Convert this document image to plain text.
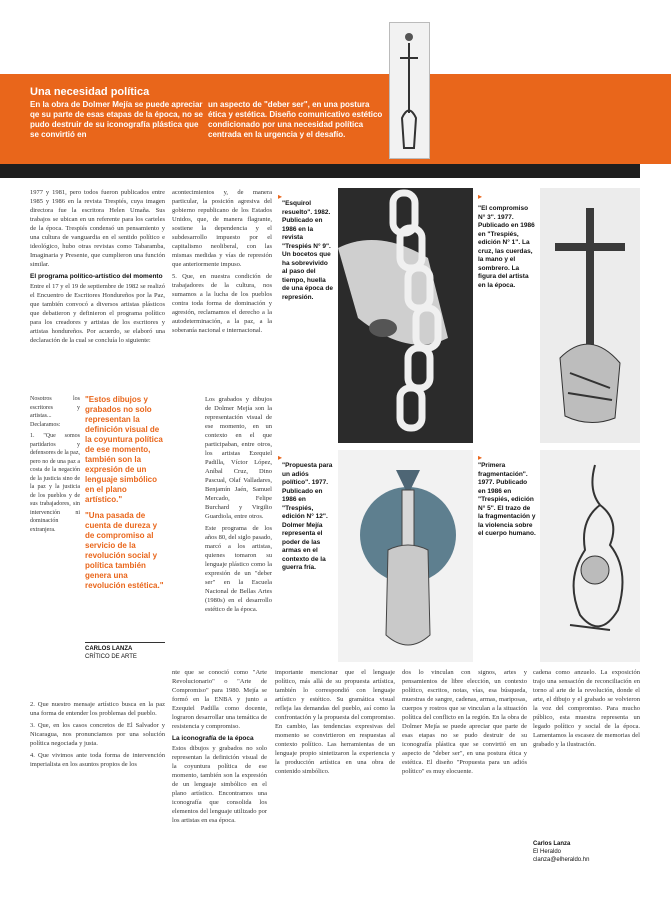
Una necesidad política
En la obra de Dolmer Mejía se puede apreciar qe su parte de esas etapas de la época, no se pudo destruir de su iconografía plástica que se convirtió en
un aspecto de "deber ser", en una postura ética y estética. Diseño comunicativo estético condicionado por una necesidad política centrada en la urgencia y el desafío.

1977 y 1981, pero todos fueron publicados entre 1985 y 1986 en la revista Trespiés, cuya imagen directora fue la escritora Helen Umaña. Sus trabajos se ubican en un referente para los carteles de la época. Trespiés condensó un pensamiento y una cultura de vanguardia en el sentido político e ideológico, hubo otras revistas como Tabaramba, Imaginaria y Presente, que cumplieron una función similar.

El programa político-artístico del momento

Entre el 17 y el 19 de septiembre de 1982 se realizó el Encuentro de Escritores Hondureños por la Paz, que también convocó a diversos artistas plásticos que debatieron y definieron el programa político para los creadores y artistas de los escritores y artistas hondureños. Por acuerdo, se elaboró una declaración de la cual se concluía lo siguiente:

Nosotros los escritores y artistas... Declaramos:

1. "Que somos partidarios y defensores de la paz, pero no de una paz a costa de la negación de la justicia sino de la paz y la justicia de los pueblos y de sus trabajadores, sin intervención ni dominación extranjera.

2. Que nuestro mensaje artístico busca en la paz una forma de entender los problemas del pueblo.

3. Que, en los casos concretos de El Salvador y Nicaragua, nos pronunciamos por una solución política negociada y justa.

4. Que vivimos ante toda forma de intervención imperialista en los asuntos propios de los

"Estos dibujos y grabados no solo representan la definición visual de la coyuntura política de ese momento, también son la expresión de un lenguaje simbólico en el plano artístico."

"Una pasada de cuenta de dureza y de compromiso al servicio de la revolución social y política también genera una revolución estética."

CARLOS LANZA
CRÍTICO DE ARTE

acontecimientos y, de manera particular, la posición agresiva del gobierno republicano de los Estados Unidos, que, de manera flagrante, sostiene la dependencia y el subdesarrollo impuesto por el capitalismo neoliberal, con las mismas medidas y vías de represión que anteriormente impuso.

5. Que, en nuestra condición de trabajadores de la cultura, nos sumamos a la lucha de los pueblos contra toda forma de dominación y agresión, reclamamos el derecho a la autodeterminación, a la paz, a la soberanía nacional e internacional.

Los grabados y dibujos de Dolmer Mejía son la representación visual de ese momento, en un contexto en el que participaban, entre otros, los artistas Ezequiel Padilla, Víctor López, Aníbal Cruz, Dino Pascual, Olaf Valladares, Benjamín Jaén, Samuel Mercado, Felipe Burchard y Virgilio Guardiola, entre otros.

Este programa de los años 80, del siglo pasado, marcó a los artistas, quienes tomaron su lenguaje plástico como la expresión de un "deber ser" en la Escuela Nacional de Bellas Artes (1980s) en el desarrollo estético de la época.

▸
"Esquirol resuelto". 1982. Publicado en 1986 en la revista "Trespiés N° 9". Un bocetos que ha sobrevivido al paso del tiempo, huella de una época de represión.
▸
"El compromiso N° 3". 1977. Publicado en 1986 en "Trespiés, edición N° 1". La cruz, las cuerdas, la mano y el sombrero. La figura del artista en la época.
▸
"Propuesta para un adiós político". 1977. Publicado en 1986 en "Trespiés, edición N° 12". Dolmer Mejía representa el poder de las armas en el contexto de la guerra fría.
▸
"Primera fragmentación". 1977. Publicado en 1986 en "Trespiés, edición N° 5". El trazo de la fragmentación y la violencia sobre el cuerpo humano.

nte que se conoció como "Arte Revolucionario" o "Arte de Compromiso" para 1980. Mejía se formó en la ENBA y junto a Ezequiel Padilla como docente, lograron desarrollar una temática de resistencia y compromiso.

La iconografía de la época

Estos dibujos y grabados no solo representan la definición visual de la coyuntura política de ese momento, también son la expresión de un lenguaje simbólico en el plano artístico. Encontramos una iconografía que consolida los elementos del lenguaje utilizado por los artistas en esa época.

importante mencionar que el lenguaje político, más allá de su propuesta artística, también lo correspondió con lenguaje artístico y estético. Su gramática visual refleja las demandas del pueblo, así como la confrontación y la propuesta del compromiso. En cambio, las tendencias expresivas del momento se convirtieron en respuestas al contexto político. Las herramientas de un lenguaje propio sintetizaron la experiencia y la producción artística en una obra de contenido simbólico.

dos lo vinculan con signos, artes y pensamientos de libre elección, un contexto político, escritos, notas, vías, esa búsqueda, muestras de sangre, cadenas, armas, mariposas, cuerpos y rostros que se vinculan a la situación política del conflicto en la región. En la obra de Dolmer Mejía se puede apreciar que parte de esas etapas no se pudo destruir de su iconografía plástica que se convirtió en un aspecto de "deber ser", en una postura ética y estética. El diseño "Propuesta para un adiós político" es muy elocuente.

cadena como anzuelo. La exposición trajo una sensación de reconciliación en torno al arte de la revolución, donde el arte, el dibujo y el grabado se volvieron la voz del compromiso. Para mucho público, esta muestra representa un legado político y social de la época. Lamentamos la escasez de memorias del grabado y la ilustración.

Carlos Lanza
El Heraldo
clanza@elheraldo.hn
